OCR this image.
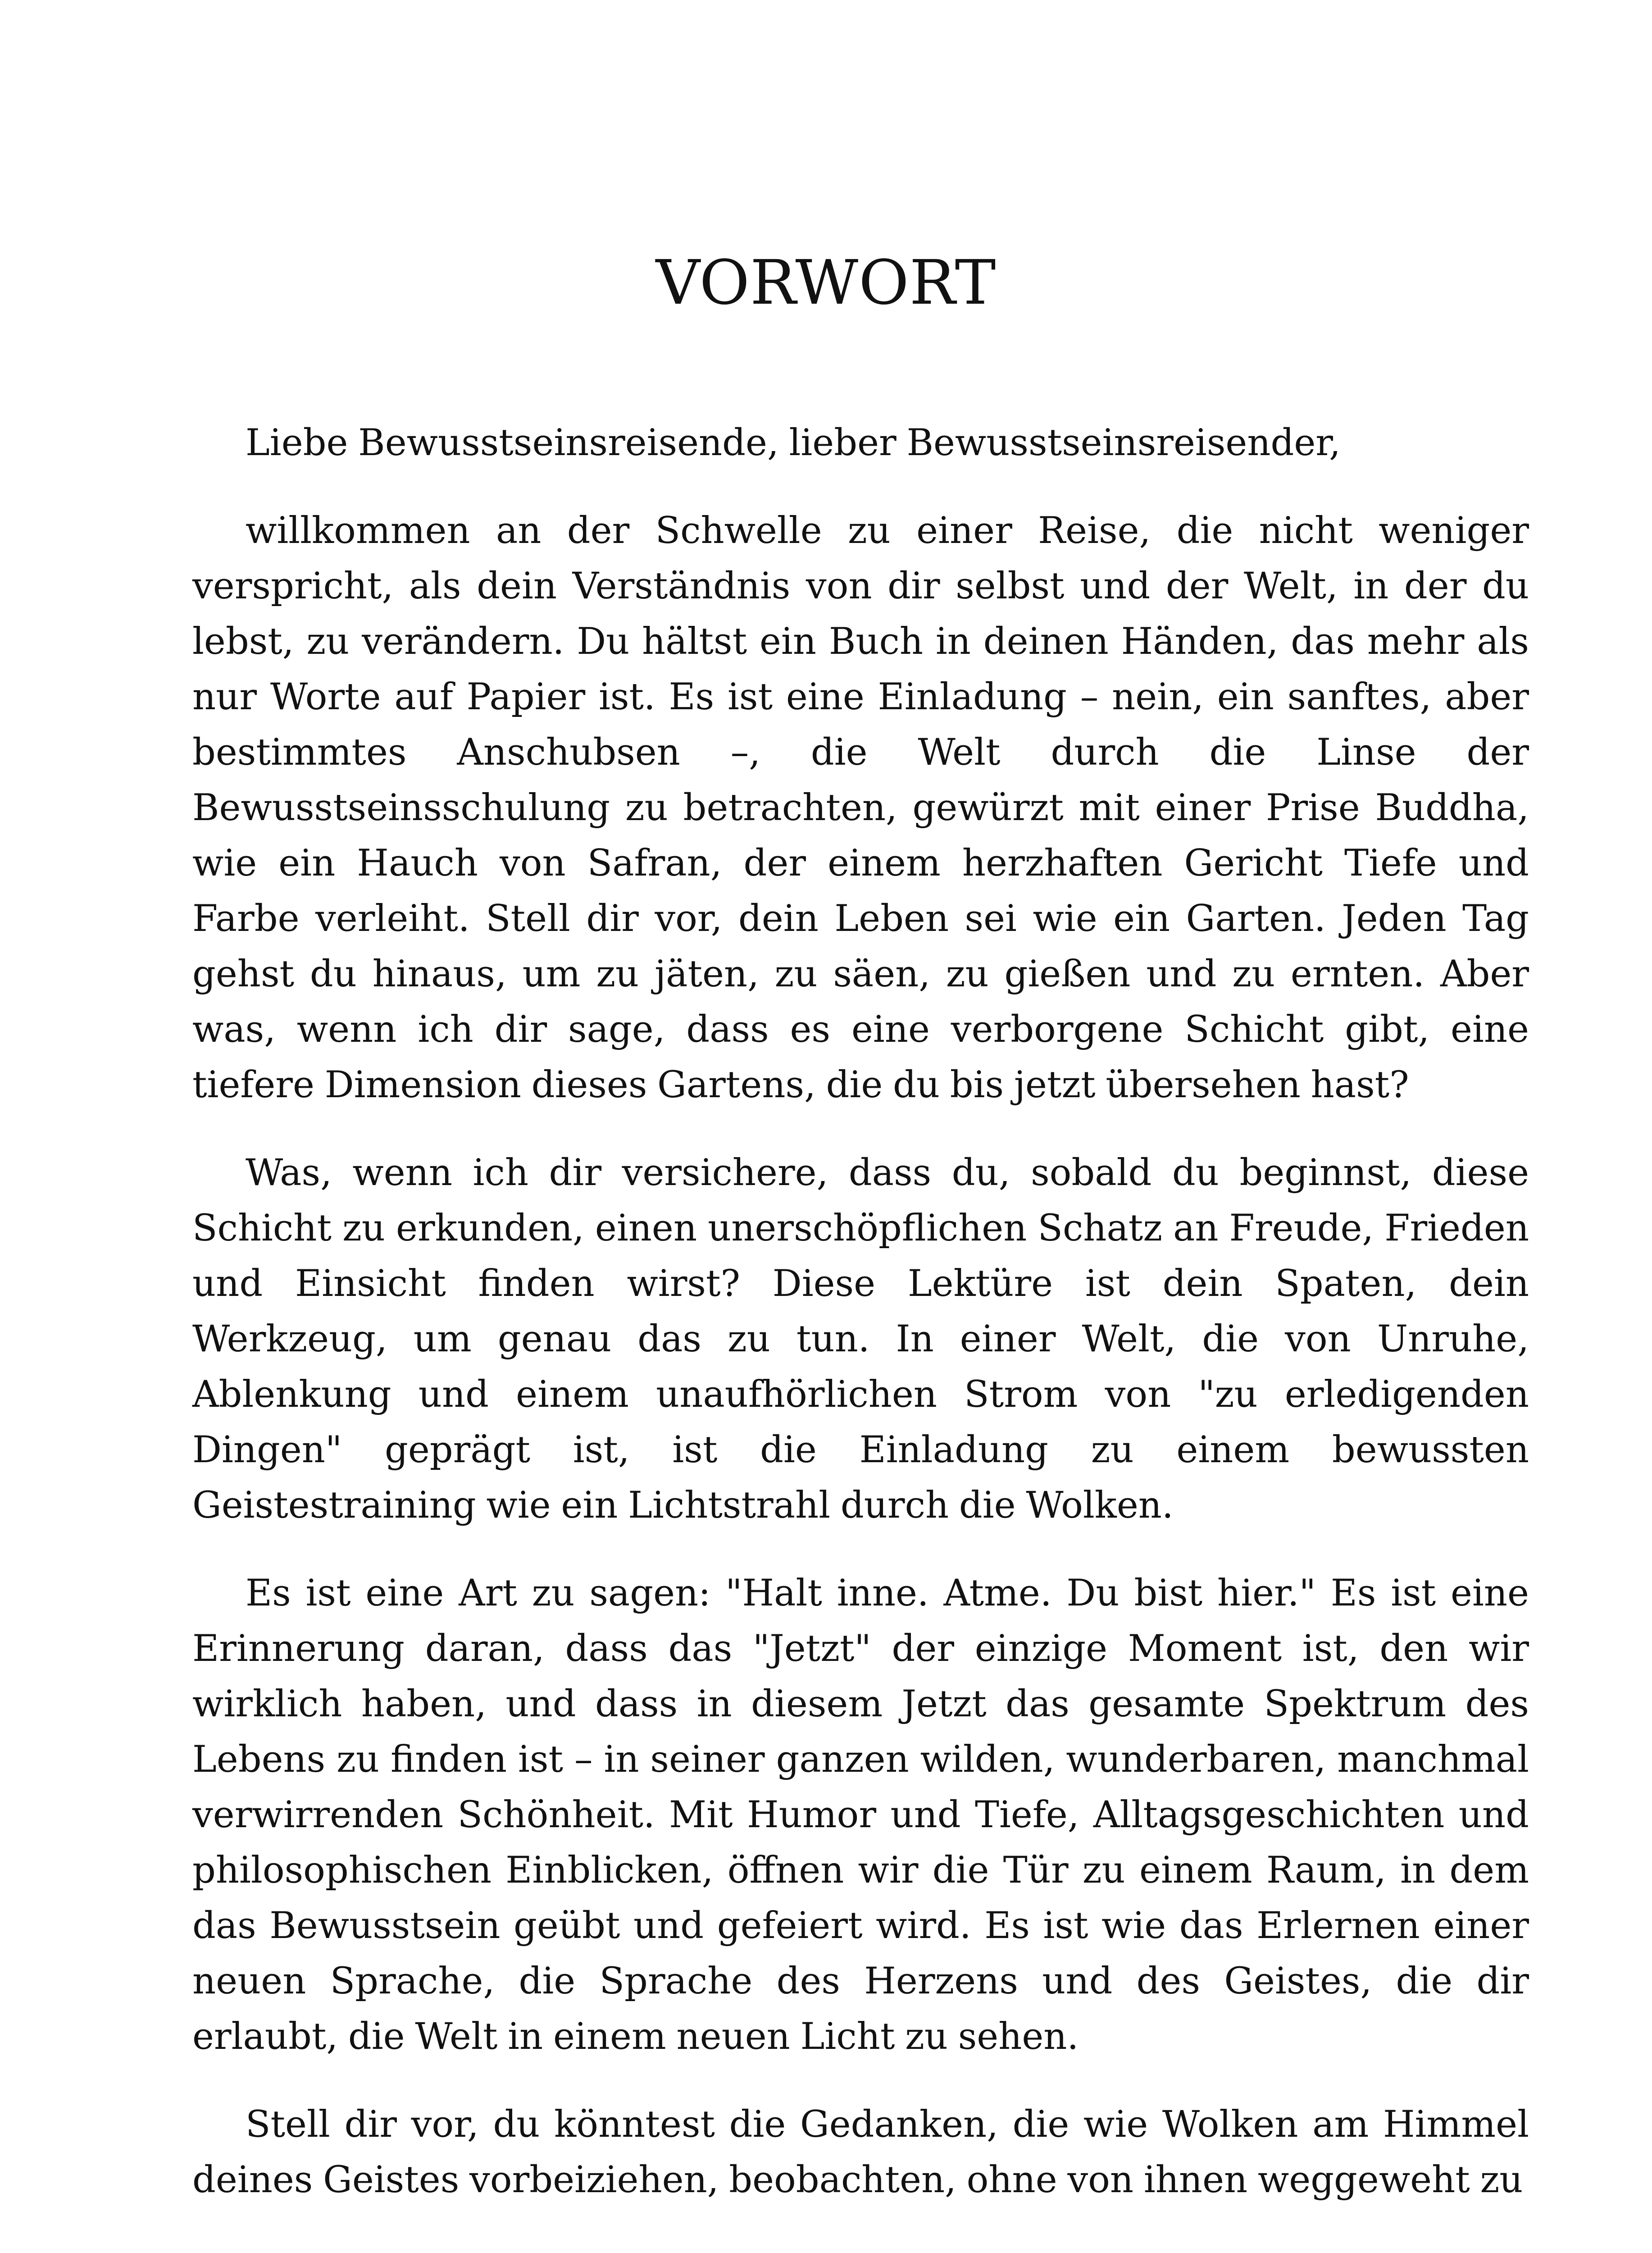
VORWORT

Liebe Bewusstseinsreisende, lieber Bewusstseinsreisender,

willkommen an der Schwelle zu einer Reise, die nicht weniger verspricht, als dein Verständnis von dir selbst und der Welt, in der du lebst, zu verändern. Du hältst ein Buch in deinen Händen, das mehr als nur Worte auf Papier ist. Es ist eine Einladung – nein, ein sanftes, aber bestimmtes Anschubsen –, die Welt durch die Linse der Bewusstseinsschulung zu betrachten, gewürzt mit einer Prise Buddha, wie ein Hauch von Safran, der einem herzhaften Gericht Tiefe und Farbe verleiht. Stell dir vor, dein Leben sei wie ein Garten. Jeden Tag gehst du hinaus, um zu jäten, zu säen, zu gießen und zu ernten. Aber was, wenn ich dir sage, dass es eine verborgene Schicht gibt, eine tiefere Dimension dieses Gartens, die du bis jetzt übersehen hast?

Was, wenn ich dir versichere, dass du, sobald du beginnst, diese Schicht zu erkunden, einen unerschöpflichen Schatz an Freude, Frieden und Einsicht finden wirst? Diese Lektüre ist dein Spaten, dein Werkzeug, um genau das zu tun. In einer Welt, die von Unruhe, Ablenkung und einem unaufhörlichen Strom von "zu erledigenden Dingen" geprägt ist, ist die Einladung zu einem bewussten Geistestraining wie ein Lichtstrahl durch die Wolken.

Es ist eine Art zu sagen: "Halt inne. Atme. Du bist hier." Es ist eine Erinnerung daran, dass das "Jetzt" der einzige Moment ist, den wir wirklich haben, und dass in diesem Jetzt das gesamte Spektrum des Lebens zu finden ist – in seiner ganzen wilden, wunderbaren, manchmal verwirrenden Schönheit. Mit Humor und Tiefe, Alltagsgeschichten und philosophischen Einblicken, öffnen wir die Tür zu einem Raum, in dem das Bewusstsein geübt und gefeiert wird. Es ist wie das Erlernen einer neuen Sprache, die Sprache des Herzens und des Geistes, die dir erlaubt, die Welt in einem neuen Licht zu sehen.

Stell dir vor, du könntest die Gedanken, die wie Wolken am Himmel deines Geistes vorbeiziehen, beobachten, ohne von ihnen weggeweht zu
